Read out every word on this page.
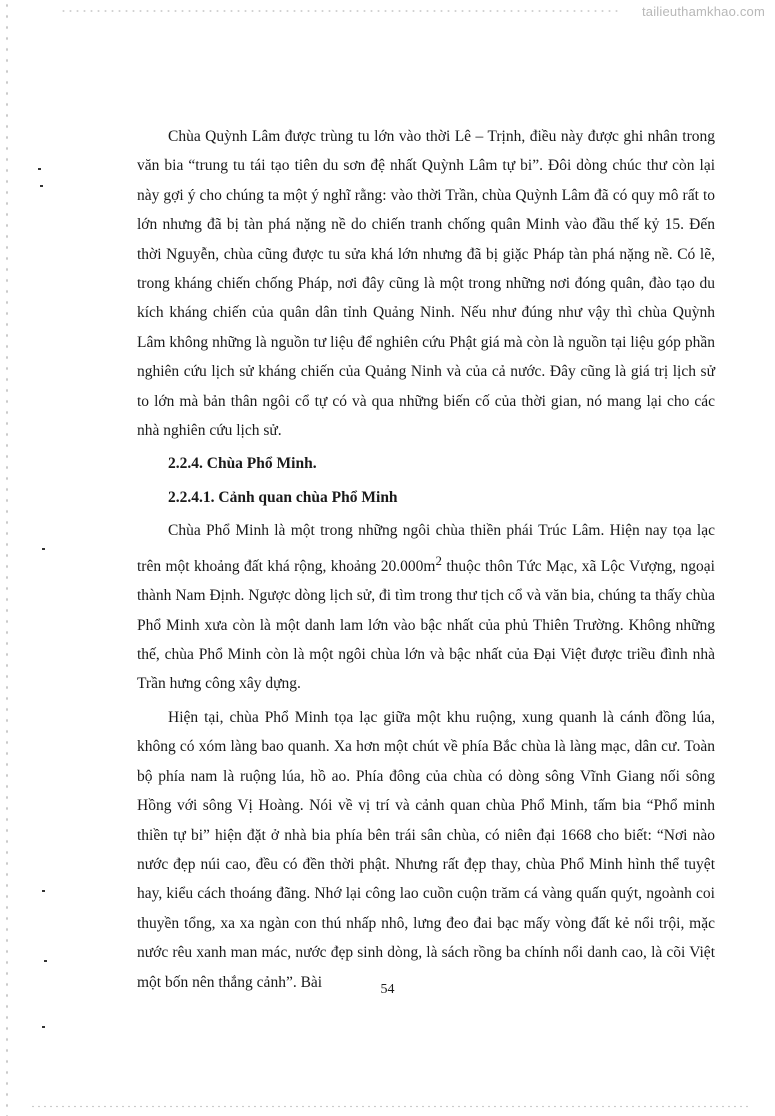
tailieuthamkhao.com

Chùa Quỳnh Lâm được trùng tu lớn vào thời Lê – Trịnh, điều này được ghi nhân trong văn bia “trung tu tái tạo tiên du sơn đệ nhất Quỳnh Lâm tự bi”. Đôi dòng chúc thư còn lại này gợi ý cho chúng ta một ý nghĩ rằng: vào thời Trần, chùa Quỳnh Lâm đã có quy mô rất to lớn nhưng đã bị tàn phá nặng nề do chiến tranh chống quân Minh vào đầu thế kỷ 15. Đến thời Nguyễn, chùa cũng được tu sửa khá lớn nhưng đã bị giặc Pháp tàn phá nặng nề. Có lẽ, trong kháng chiến chống Pháp, nơi đây cũng là một trong những nơi đóng quân, đào tạo du kích kháng chiến của quân dân tỉnh Quảng Ninh. Nếu như đúng như vậy thì chùa Quỳnh Lâm không những là nguồn tư liệu để nghiên cứu Phật giá mà còn là nguồn tại liệu góp phần nghiên cứu lịch sử kháng chiến của Quảng Ninh và của cả nước. Đây cũng là giá trị lịch sử to lớn mà bản thân ngôi cổ tự có và qua những biến cố của thời gian, nó mang lại cho các nhà nghiên cứu lịch sử.

2.2.4. Chùa Phổ Minh.
2.2.4.1. Cảnh quan chùa Phổ Minh

Chùa Phổ Minh là một trong những ngôi chùa thiền phái Trúc Lâm. Hiện nay tọa lạc trên một khoảng đất khá rộng, khoảng $20.000m^2$ thuộc thôn Tức Mạc, xã Lộc Vượng, ngoại thành Nam Định. Ngược dòng lịch sử, đi tìm trong thư tịch cổ và văn bia, chúng ta thấy chùa Phổ Minh xưa còn là một danh lam lớn vào bậc nhất của phủ Thiên Trường. Không những thế, chùa Phổ Minh còn là một ngôi chùa lớn và bậc nhất của Đại Việt được triều đình nhà Trần hưng công xây dựng.

Hiện tại, chùa Phổ Minh tọa lạc giữa một khu ruộng, xung quanh là cánh đồng lúa, không có xóm làng bao quanh. Xa hơn một chút về phía Bắc chùa là làng mạc, dân cư. Toàn bộ phía nam là ruộng lúa, hồ ao. Phía đông của chùa có dòng sông Vĩnh Giang nối sông Hồng với sông Vị Hoàng. Nói về vị trí và cảnh quan chùa Phổ Minh, tấm bia “Phổ minh thiền tự bi” hiện đặt ở nhà bia phía bên trái sân chùa, có niên đại 1668 cho biết: “Nơi nào nước đẹp núi cao, đều có đền thời phật. Nhưng rất đẹp thay, chùa Phổ Minh hình thể tuyệt hay, kiểu cách thoáng đãng. Nhớ lại công lao cuồn cuộn trăm cá vàng quấn quýt, ngoành coi thuyền tổng, xa xa ngàn con thú nhấp nhô, lưng đeo đai bạc mấy vòng đất kẻ nổi trội, mặc nước rêu xanh man mác, nước đẹp sinh dòng, là sách rồng ba chính nổi danh cao, là cõi Việt một bốn nên thắng cảnh”. Bài	54
